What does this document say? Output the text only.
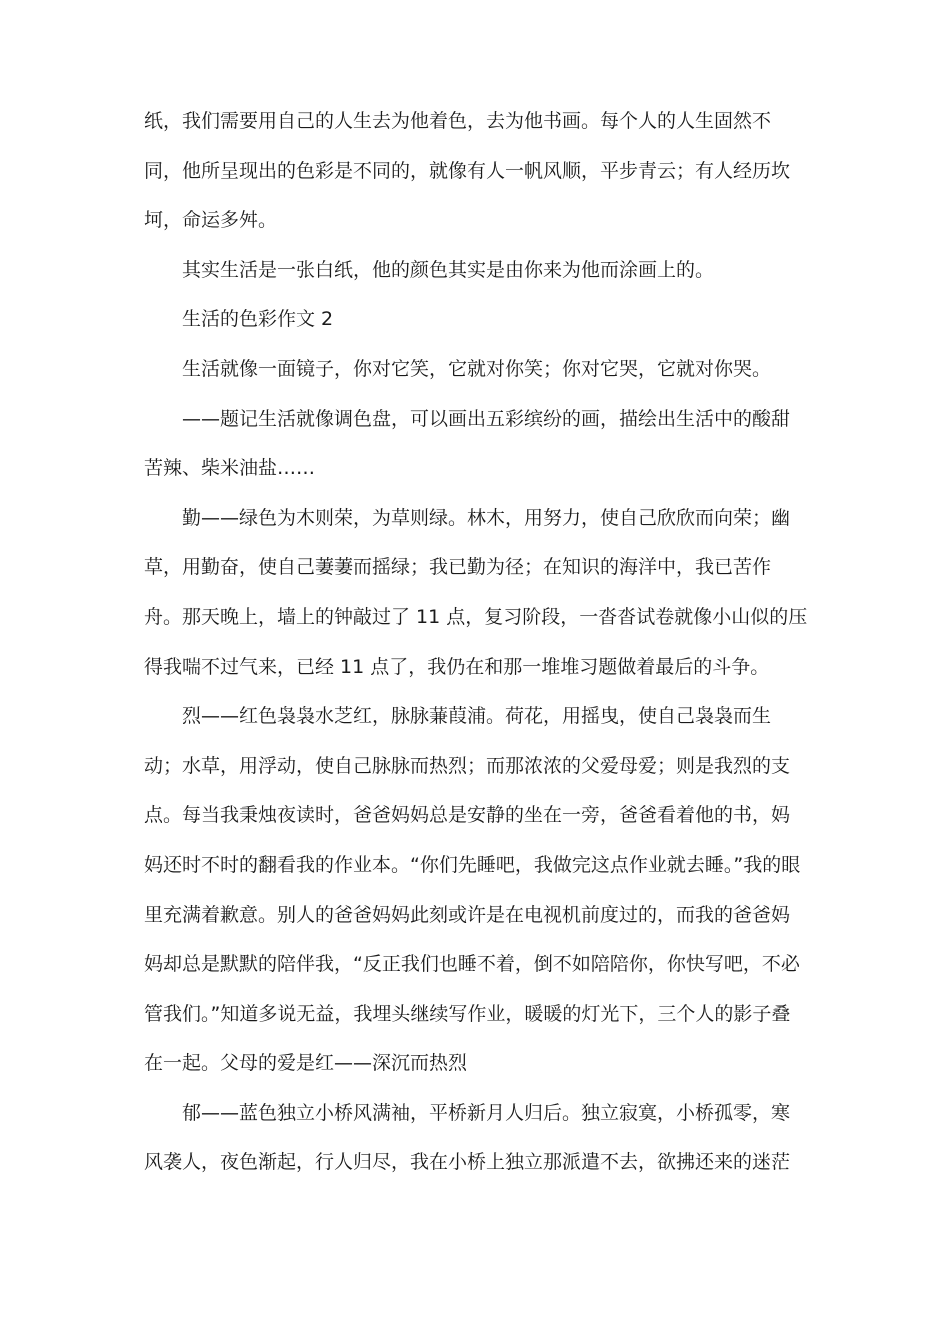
纸，我们需要用自己的人生去为他着色，去为他书画。每个人的人生固然不同，他所呈现出的色彩是不同的，就像有人一帆风顺，平步青云；有人经历坎坷，命运多舛。

其实生活是一张白纸，他的颜色其实是由你来为他而涂画上的。

生活的色彩作文 2

生活就像一面镜子，你对它笑，它就对你笑；你对它哭，它就对你哭。

——题记生活就像调色盘，可以画出五彩缤纷的画，描绘出生活中的酸甜苦辣、柴米油盐……

勤——绿色为木则荣，为草则绿。林木，用努力，使自己欣欣而向荣；幽草，用勤奋，使自己萋萋而摇绿；我已勤为径；在知识的海洋中，我已苦作舟。那天晚上，墙上的钟敲过了 11 点，复习阶段，一沓沓试卷就像小山似的压得我喘不过气来，已经 11 点了，我仍在和那一堆堆习题做着最后的斗争。

烈——红色袅袅水芝红，脉脉蒹葭浦。荷花，用摇曳，使自己袅袅而生动；水草，用浮动，使自己脉脉而热烈；而那浓浓的父爱母爱；则是我烈的支点。每当我秉烛夜读时，爸爸妈妈总是安静的坐在一旁，爸爸看着他的书，妈妈还时不时的翻看我的作业本。“你们先睡吧，我做完这点作业就去睡。”我的眼里充满着歉意。别人的爸爸妈妈此刻或许是在电视机前度过的，而我的爸爸妈妈却总是默默的陪伴我，“反正我们也睡不着，倒不如陪陪你，你快写吧，不必管我们。”知道多说无益，我埋头继续写作业，暖暖的灯光下，三个人的影子叠在一起。父母的爱是红——深沉而热烈

郁——蓝色独立小桥风满袖，平桥新月人归后。独立寂寞，小桥孤零，寒风袭人，夜色渐起，行人归尽，我在小桥上独立那派遣不去，欲拂还来的迷茫
